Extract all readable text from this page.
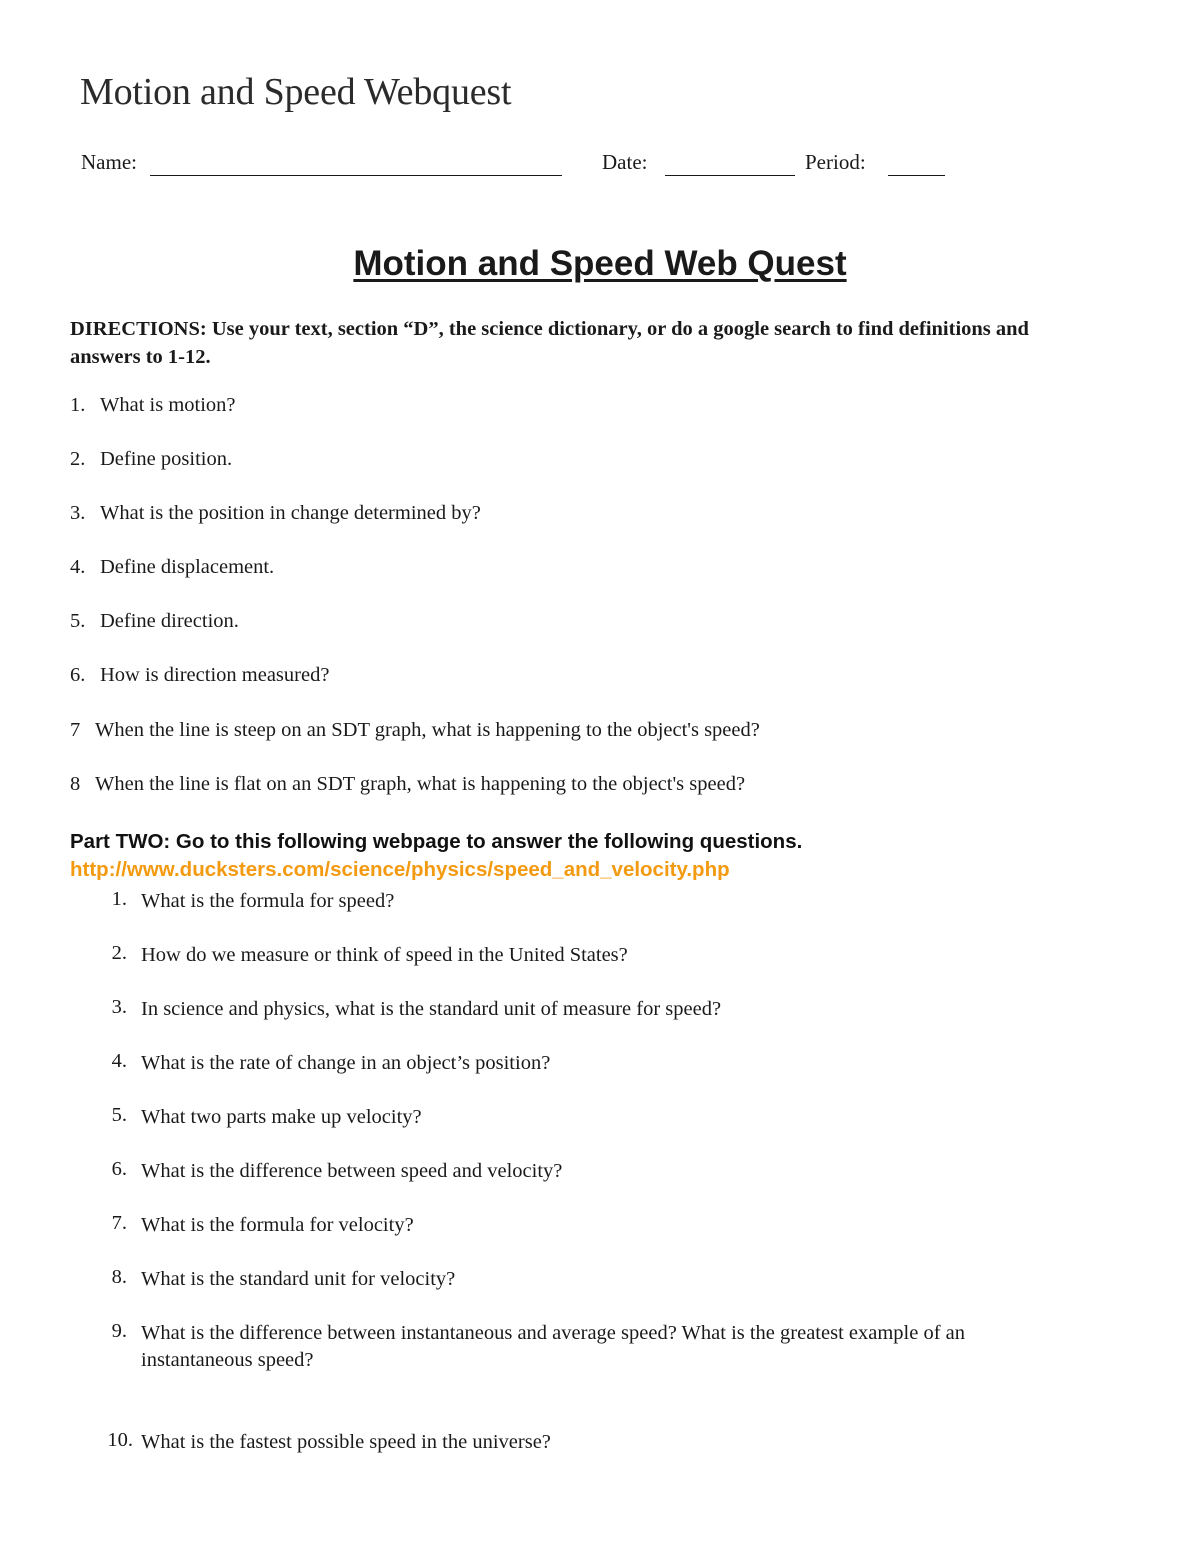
Motion and Speed Webquest
Name:	Date:	Period:
Motion and Speed Web Quest
DIRECTIONS: Use your text, section “D”, the science dictionary, or do a google search to find definitions and answers to 1-12.
1. What is motion?
2. Define position.
3. What is the position in change determined by?
4. Define displacement.
5. Define direction.
6. How is direction measured?
7 When the line is steep on an SDT graph, what is happening to the object's speed?
8 When the line is flat on an SDT graph, what is happening to the object's speed?
Part TWO: Go to this following webpage to answer the following questions.
http://www.ducksters.com/science/physics/speed_and_velocity.php
1. What is the formula for speed?
2. How do we measure or think of speed in the United States?
3. In science and physics, what is the standard unit of measure for speed?
4. What is the rate of change in an object’s position?
5. What two parts make up velocity?
6. What is the difference between speed and velocity?
7. What is the formula for velocity?
8. What is the standard unit for velocity?
9. What is the difference between instantaneous and average speed? What is the greatest example of an
instantaneous speed?
10. What is the fastest possible speed in the universe?
